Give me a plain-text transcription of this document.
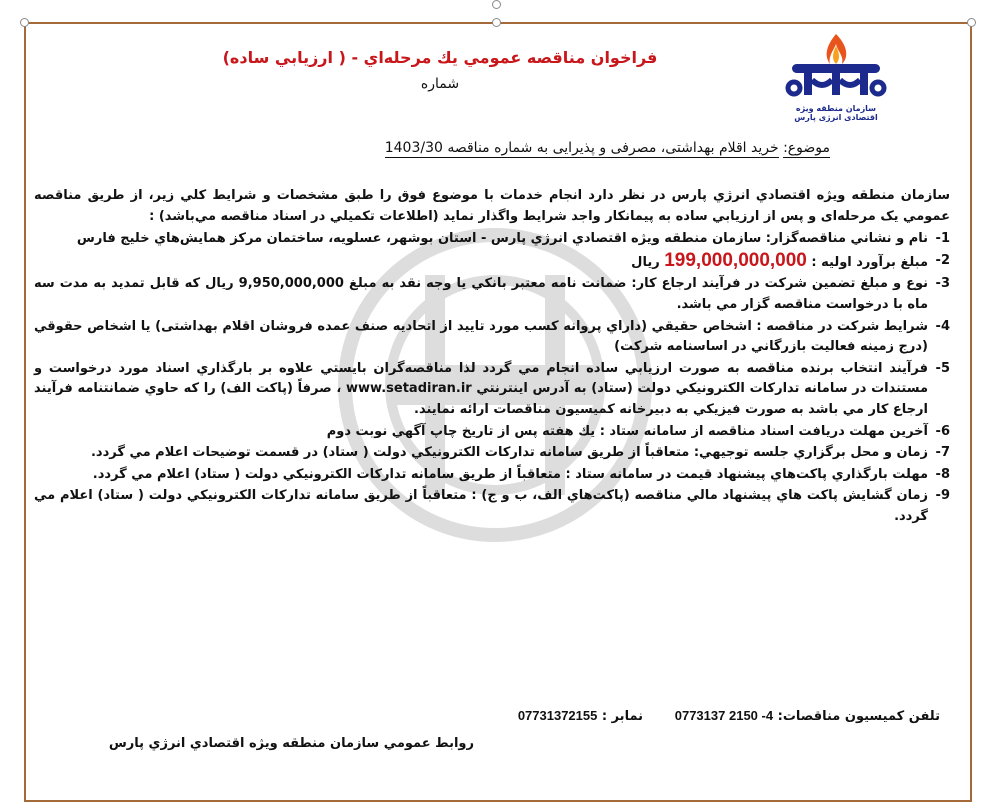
سازمان منطقه ویژه اقتصادی انرژی پارس
فراخوان مناقصه عمومي يك مرحله‌اي - ( ارزيابي ساده)
شماره
موضوع: خريد اقلام بهداشتی، مصرفی و پذیرایی به شماره مناقصه 1403/30

سازمان منطقه ويژه اقتصادي انرژي پارس در نظر دارد انجام خدمات با موضوع فوق را طبق مشخصات و شرايط كلي زير، از طريق مناقصه عمومي يک مرحله‌ای و پس از ارزيابي ساده به پيمانكار واجد شرايط واگذار نمايد (اطلاعات تكميلي در اسناد مناقصه مي‌باشد) :

1-
نام و نشاني مناقصه‌گزار: سازمان منطقه ويژه اقتصادي انرژي پارس - استان بوشهر، عسلويه، ساختمان مركز همايش‌هاي خليج فارس
2-
مبلغ برآورد اوليه : 199,000,000,000 ريال
3-
نوع و مبلغ تضمين شركت در فرآيند ارجاع كار: ضمانت نامه معتبر بانكي يا وجه نقد به مبلغ 9,950,000,000 ريال كه قابل تمديد به مدت سه ماه با درخواست مناقصه گزار مي باشد.
4-
شرايط شركت در مناقصه : اشخاص حقيقي (داراي پروانه كسب مورد تاييد از اتحاديه صنف عمده فروشان اقلام بهداشتی) يا اشخاص حقوقي (درج زمينه فعاليت بازرگاني در اساسنامه شركت)
5-
فرآيند انتخاب برنده مناقصه به صورت ارزيابي ساده انجام مي گردد لذا مناقصه‌گران بايستي علاوه بر بارگذاري اسناد مورد درخواست و مستندات در سامانه تداركات الكترونيكي دولت (ستاد) به آدرس اينترنتي www.setadiran.ir ، صرفاً (پاكت الف) را كه حاوي ضمانتنامه فرآيند ارجاع كار مي باشد به صورت فيزيكي به دبيرخانه كميسيون مناقصات ارائه نمايند.
6-
آخرين مهلت دريافت اسناد مناقصه از سامانه ستاد : يك هفته پس از تاريخ چاپ آگهي نوبت دوم
7-
زمان و محل برگزاري جلسه توجيهي: متعاقباً از طريق سامانه تداركات الكترونيكي دولت ( ستاد) در قسمت توضيحات اعلام مي گردد.
8-
مهلت بارگذاري پاكت‌هاي پيشنهاد قيمت در سامانه ستاد : متعاقباً از طريق سامانه تداركات الكترونيكي دولت ( ستاد) اعلام مي گردد.
9-
زمان گشايش پاكت هاي پيشنهاد مالي مناقصه (پاكت‌هاي الف، ب و ج) : متعاقباً از طريق سامانه تداركات الكترونيكي دولت ( ستاد) اعلام مي گردد.
تلفن كميسيون مناقصات: 4- 2150 0773137       نمابر : 07731372155
روابط عمومي سازمان منطقه ويژه اقتصادي انرژي پارس
